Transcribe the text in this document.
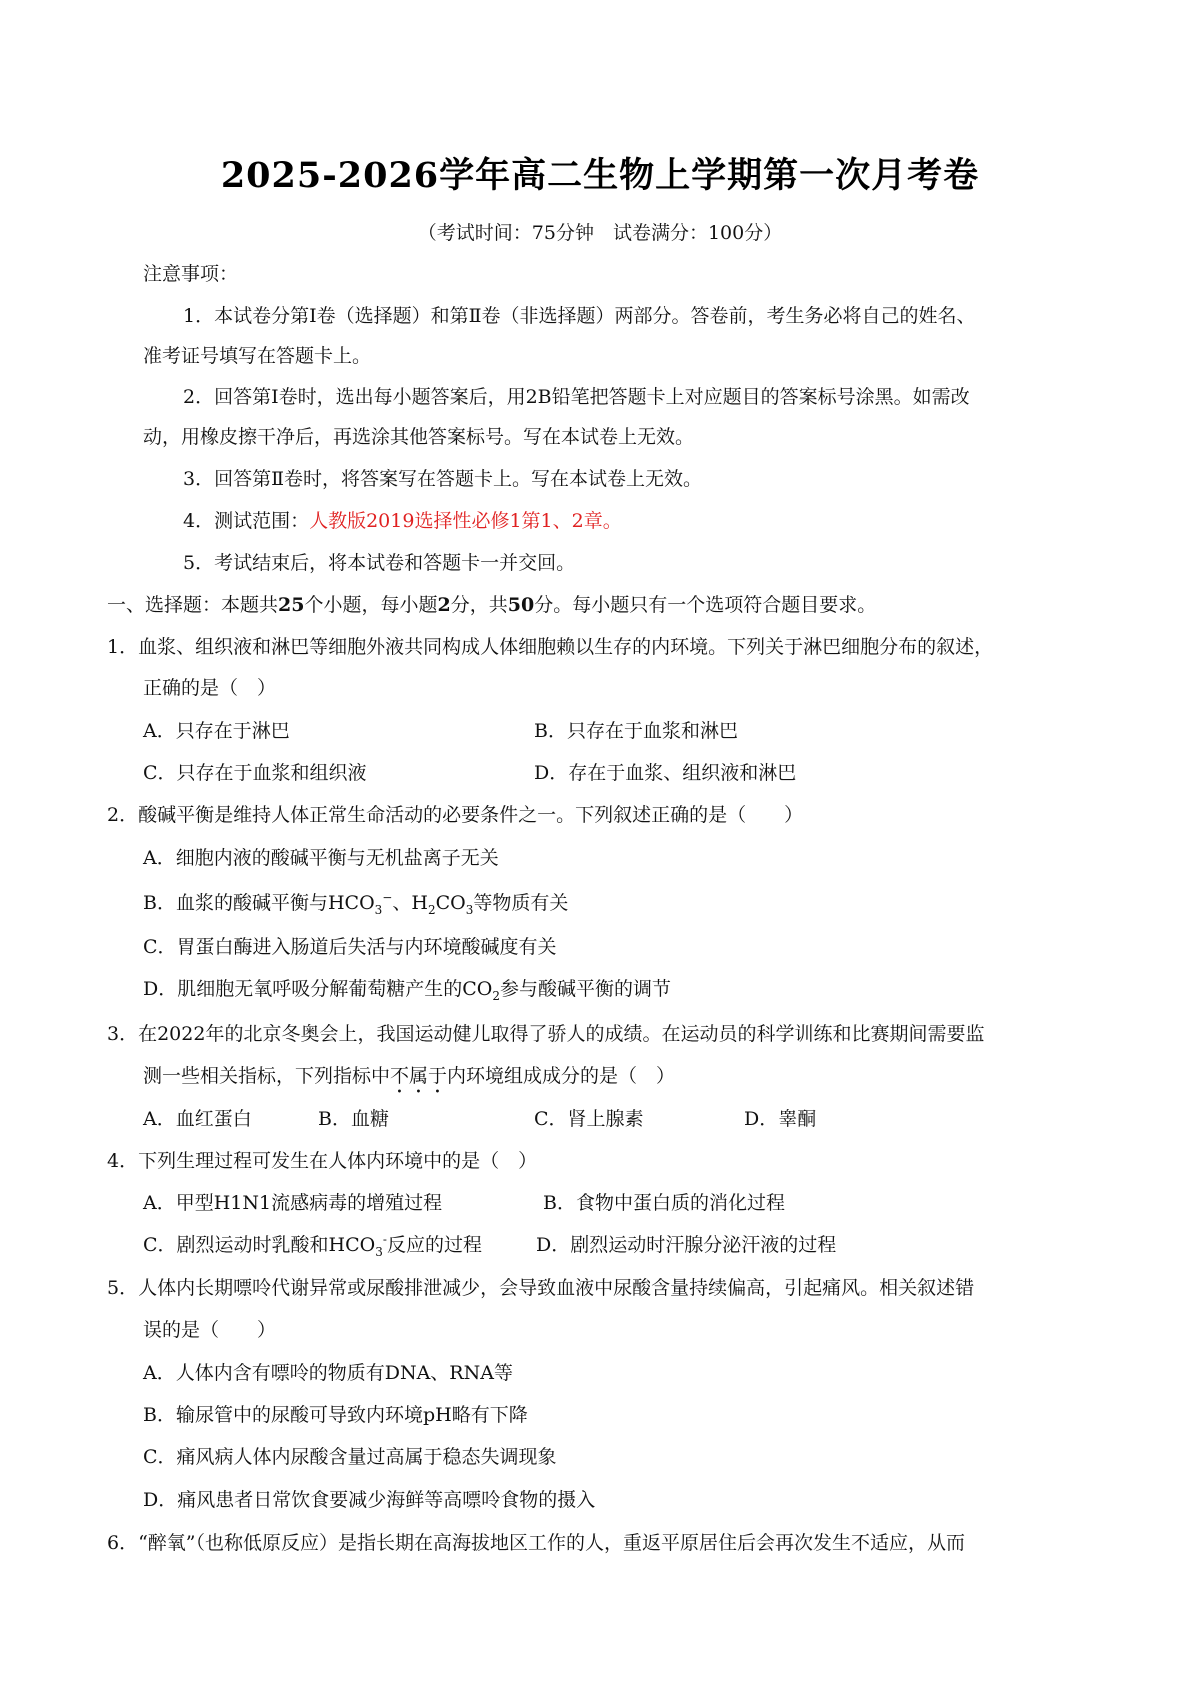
2025-2026学年高二生物上学期第一次月考卷
（考试时间：75分钟　试卷满分：100分）
注意事项：
1．本试卷分第Ⅰ卷（选择题）和第Ⅱ卷（非选择题）两部分。答卷前，考生务必将自己的姓名、
准考证号填写在答题卡上。
2．回答第Ⅰ卷时，选出每小题答案后，用2B铅笔把答题卡上对应题目的答案标号涂黑。如需改
动，用橡皮擦干净后，再选涂其他答案标号。写在本试卷上无效。
3．回答第Ⅱ卷时，将答案写在答题卡上。写在本试卷上无效。
4．测试范围：人教版2019选择性必修1第1、2章。
5．考试结束后，将本试卷和答题卡一并交回。
一、选择题：本题共25个小题，每小题2分，共50分。每小题只有一个选项符合题目要求。
1．血浆、组织液和淋巴等细胞外液共同构成人体细胞赖以生存的内环境。下列关于淋巴细胞分布的叙述，
正确的是（　）
A．只存在于淋巴	B．只存在于血浆和淋巴
C．只存在于血浆和组织液	D．存在于血浆、组织液和淋巴
2．酸碱平衡是维持人体正常生命活动的必要条件之一。下列叙述正确的是（　　）
A．细胞内液的酸碱平衡与无机盐离子无关
B．血浆的酸碱平衡与$HCO_3^-$、$H_2CO_3$等物质有关
C．胃蛋白酶进入肠道后失活与内环境酸碱度有关
D．肌细胞无氧呼吸分解葡萄糖产生的$CO_2$参与酸碱平衡的调节
3．在2022年的北京冬奥会上，我国运动健儿取得了骄人的成绩。在运动员的科学训练和比赛期间需要监
测一些相关指标，下列指标中不属于内环境组成成分的是（　）
A．血红蛋白	B．血糖	C．肾上腺素	D．睾酮
4．下列生理过程可发生在人体内环境中的是（　）
A．甲型H1N1流感病毒的增殖过程	B．食物中蛋白质的消化过程
C．剧烈运动时乳酸和$HCO_3^-$反应的过程	D．剧烈运动时汗腺分泌汗液的过程
5．人体内长期嘌呤代谢异常或尿酸排泄减少，会导致血液中尿酸含量持续偏高，引起痛风。相关叙述错
误的是（　　）
A．人体内含有嘌呤的物质有DNA、RNA等
B．输尿管中的尿酸可导致内环境pH略有下降
C．痛风病人体内尿酸含量过高属于稳态失调现象
D．痛风患者日常饮食要减少海鲜等高嘌呤食物的摄入
6．“醉氧”（也称低原反应）是指长期在高海拔地区工作的人，重返平原居住后会再次发生不适应，从而
